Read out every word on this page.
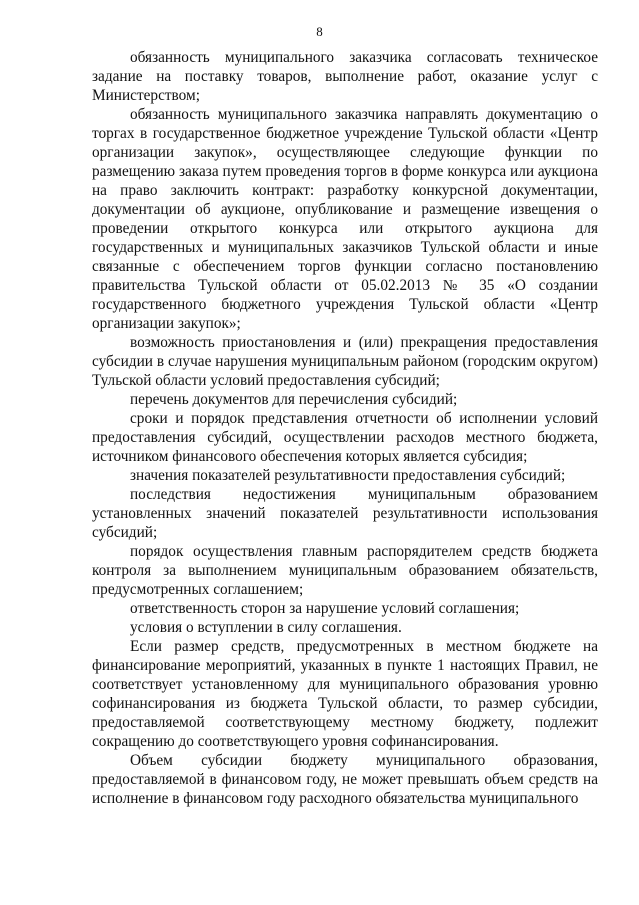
8

обязанность муниципального заказчика согласовать техническое задание на поставку товаров, выполнение работ, оказание услуг с Министерством;

обязанность муниципального заказчика направлять документацию о торгах в государственное бюджетное учреждение Тульской области «Центр организации закупок», осуществляющее следующие функции по размещению заказа путем проведения торгов в форме конкурса или аукциона на право заключить контракт: разработку конкурсной документации, документации об аукционе, опубликование и размещение извещения о проведении открытого конкурса или открытого аукциона для государственных и муниципальных заказчиков Тульской области и иные связанные с обеспечением торгов функции согласно постановлению правительства Тульской области от 05.02.2013 № 35 «О создании государственного бюджетного учреждения Тульской области «Центр организации закупок»;

возможность приостановления и (или) прекращения предоставления субсидии в случае нарушения муниципальным районом (городским округом) Тульской области условий предоставления субсидий;

перечень документов для перечисления субсидий;

сроки и порядок представления отчетности об исполнении условий предоставления субсидий, осуществлении расходов местного бюджета, источником финансового обеспечения которых является субсидия;

значения показателей результативности предоставления субсидий;

последствия недостижения муниципальным образованием установленных значений показателей результативности использования субсидий;

порядок осуществления главным распорядителем средств бюджета контроля за выполнением муниципальным образованием обязательств, предусмотренных соглашением;

ответственность сторон за нарушение условий соглашения;

условия о вступлении в силу соглашения.

Если размер средств, предусмотренных в местном бюджете на финансирование мероприятий, указанных в пункте 1 настоящих Правил, не соответствует установленному для муниципального образования уровню софинансирования из бюджета Тульской области, то размер субсидии, предоставляемой соответствующему местному бюджету, подлежит сокращению до соответствующего уровня софинансирования.

Объем субсидии бюджету муниципального образования, предоставляемой в финансовом году, не может превышать объем средств на исполнение в финансовом году расходного обязательства муниципального
